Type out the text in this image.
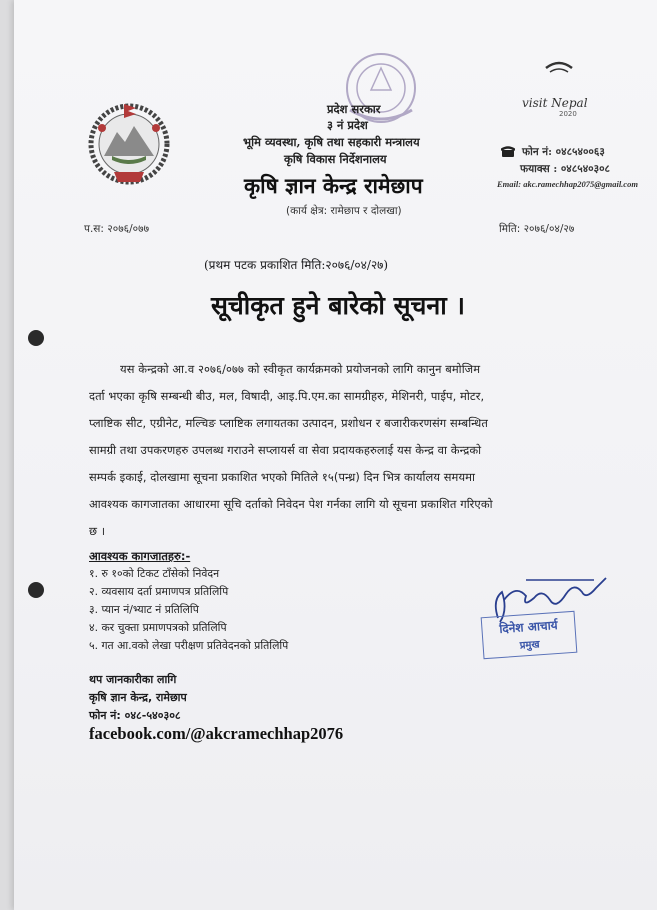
प्रदेश सरकार
३ नं प्रदेश
भूमि व्यवस्था, कृषि तथा सहकारी मन्त्रालय
कृषि विकास निर्देशनालय
कृषि ज्ञान केन्द्र रामेछाप
(कार्य क्षेत्र: रामेछाप र दोलखा)
visit Nepal
2020
फोन नं: ०४८५४००६३
फयाक्स : ०४८५४०३०८
Email: akc.ramechhap2075@gmail.com
प.स: २०७६/०७७	मिति: २०७६/०४/२७
(प्रथम पटक प्रकाशित मिति:२०७६/०४/२७)
सूचीकृत हुने बारेको सूचना ।
यस केन्द्रको आ.व २०७६/०७७ को स्वीकृत कार्यक्रमको प्रयोजनको लागि कानुन बमोजिम
दर्ता भएका कृषि सम्बन्धी बीउ, मल, विषादी, आइ.पि.एम.का सामग्रीहरु, मेशिनरी, पाईप, मोटर,
प्लाष्टिक सीट, एग्रीनेट, मल्चिङ प्लाष्टिक लगायतका उत्पादन, प्रशोधन र बजारीकरणसंग सम्बन्धित
सामग्री तथा उपकरणहरु उपलब्ध गराउने सप्लायर्स वा सेवा प्रदायकहरुलाई यस केन्द्र वा केन्द्रको
सम्पर्क इकाई, दोलखामा सूचना प्रकाशित भएको मितिले १५(पन्ध्र) दिन भित्र कार्यालय समयमा
आवश्यक कागजातका आधारमा सूचि दर्ताको निवेदन पेश गर्नका लागि यो सूचना प्रकाशित गरिएको
छ ।
आवश्यक कागजातहरु:-
१. रु १०को टिकट टाँसेको निवेदन
२. व्यवसाय दर्ता प्रमाणपत्र प्रतिलिपि
३. प्यान नं/भ्याट नं प्रतिलिपि
४. कर चुक्ता प्रमाणपत्रको प्रतिलिपि
५. गत आ.वको लेखा परीक्षण प्रतिवेदनको प्रतिलिपि
दिनेश आचार्य
प्रमुख
थप जानकारीका लागि
कृषि ज्ञान केन्द्र, रामेछाप
फोन नं: ०४८-५४०३०८
facebook.com/@akcramechhap2076
